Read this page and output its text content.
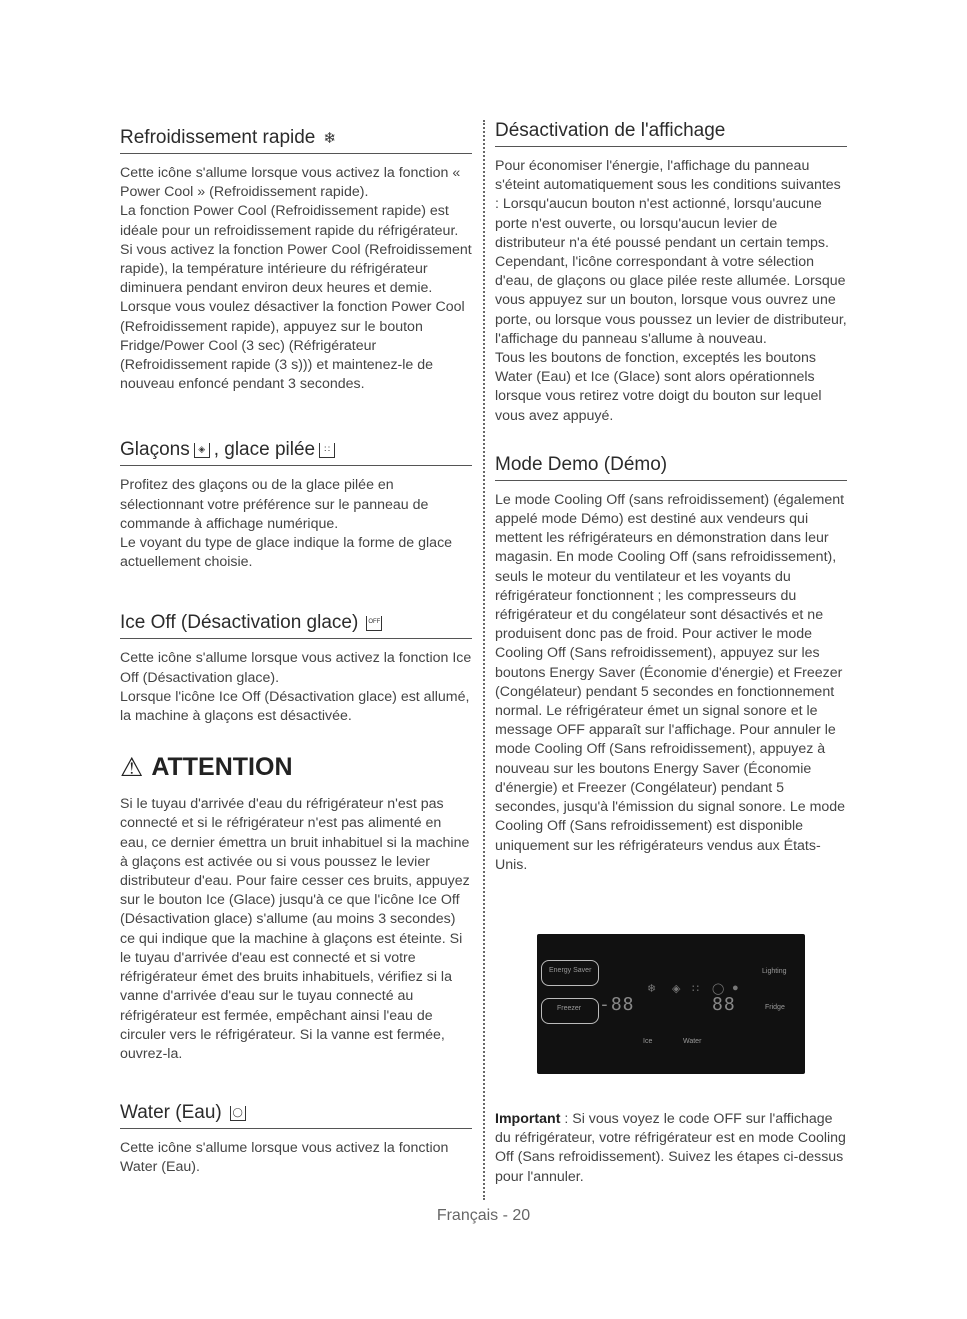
Refroidissement rapide ❄

Cette icône s'allume lorsque vous activez la fonction « Power Cool » (Refroidissement rapide).

La fonction Power Cool (Refroidissement rapide) est idéale pour un refroidissement rapide du réfrigérateur. Si vous activez la fonction Power Cool (Refroidissement rapide), la température intérieure du réfrigérateur diminuera pendant environ deux heures et demie. Lorsque vous voulez désactiver la fonction Power Cool (Refroidissement rapide), appuyez sur le bouton Fridge/Power Cool (3 sec) (Réfrigérateur (Refroidissement rapide (3 s))) et maintenez-le de nouveau enfoncé pendant 3 secondes.

Glaçons ◈ , glace pilée	∷

Profitez des glaçons ou de la glace pilée en sélectionnant votre préférence sur le panneau de commande à affichage numérique.

Le voyant du type de glace indique la forme de glace actuellement choisie.

Ice Off (Désactivation glace)	OFF

Cette icône s'allume lorsque vous activez la fonction Ice Off (Désactivation glace).

Lorsque l'icône Ice Off (Désactivation glace) est allumé, la machine à glaçons est désactivée.

⚠ ATTENTION

Si le tuyau d'arrivée d'eau du réfrigérateur n'est pas connecté et si le réfrigérateur n'est pas alimenté en eau, ce dernier émettra un bruit inhabituel si la machine à glaçons est activée ou si vous poussez le levier distributeur d'eau. Pour faire cesser ces bruits, appuyez sur le bouton Ice (Glace) jusqu'à ce que l'icône Ice Off (Désactivation glace) s'allume (au moins 3 secondes) ce qui indique que la machine à glaçons est éteinte. Si le tuyau d'arrivée d'eau est connecté et si votre réfrigérateur émet des bruits inhabituels, vérifiez si la vanne d'arrivée d'eau sur le tuyau connecté au réfrigérateur est fermée, empêchant ainsi l'eau de circuler vers le réfrigérateur. Si la vanne est fermée, ouvrez-la.

Water (Eau)	◯

Cette icône s'allume lorsque vous activez la fonction Water (Eau).

Désactivation de l'affichage

Pour économiser l'énergie, l'affichage du panneau s'éteint automatiquement sous les conditions suivantes : Lorsqu'aucun bouton n'est actionné, lorsqu'aucune porte n'est ouverte, ou lorsqu'aucun levier de distributeur n'a été poussé pendant un certain temps. Cependant, l'icône correspondant à votre sélection d'eau, de glaçons ou glace pilée reste allumée. Lorsque vous appuyez sur un bouton, lorsque vous ouvrez une porte, ou lorsque vous poussez un levier de distributeur, l'affichage du panneau s'allume à nouveau.

Tous les boutons de fonction, exceptés les boutons Water (Eau) et Ice (Glace) sont alors opérationnels lorsque vous retirez votre doigt du bouton sur lequel vous avez appuyé.

Mode Demo (Démo)

Le mode Cooling Off (sans refroidissement) (également appelé mode Démo) est destiné aux vendeurs qui mettent les réfrigérateurs en démonstration dans leur magasin. En mode Cooling Off (sans refroidissement), seuls le moteur du ventilateur et les voyants du réfrigérateur fonctionnent ; les compresseurs du réfrigérateur et du congélateur sont désactivés et ne produisent donc pas de froid. Pour activer le mode Cooling Off (Sans refroidissement), appuyez sur les boutons Energy Saver (Économie d'énergie) et Freezer (Congélateur) pendant 5 secondes en fonctionnement normal. Le réfrigérateur émet un signal sonore et le message OFF apparaît sur l'affichage. Pour annuler le mode Cooling Off (Sans refroidissement), appuyez à nouveau sur les boutons Energy Saver (Économie d'énergie) et Freezer (Congélateur) pendant 5 secondes, jusqu'à l'émission du signal sonore. Le mode Cooling Off (Sans refroidissement) est disponible uniquement sur les réfrigérateurs vendus aux États-Unis.

Energy Saver
Freezer -88
❄ ◈ ∷ ◯ ●
88
Lighting
Fridge
Ice	Water
Important : Si vous voyez le code OFF sur l'affichage du réfrigérateur, votre réfrigérateur est en mode Cooling Off (Sans refroidissement). Suivez les étapes ci-dessus pour l'annuler.
Français - 20
